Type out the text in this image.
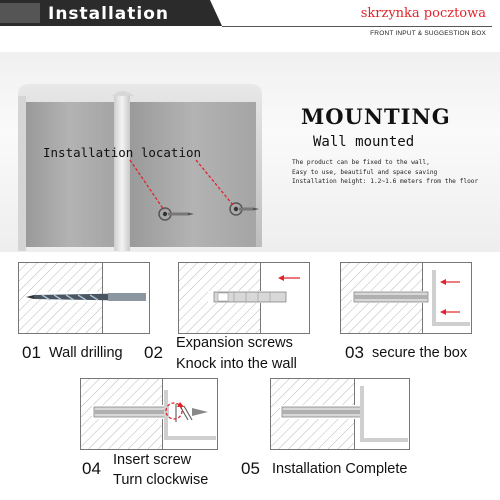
Installation	skrzynka pocztowa
FRONT INPUT & SUGGESTION BOX
Installation location
MOUNTING
Wall mounted
The product can be fixed to the wall,
Easy to use, beautiful and space saving
Installation height: 1.2~1.6 meters from the floor
01 Wall drilling 02 Expansion screws
Knock into the wall
03 secure the box
04 Insert screw
Turn clockwise
05 Installation Complete
